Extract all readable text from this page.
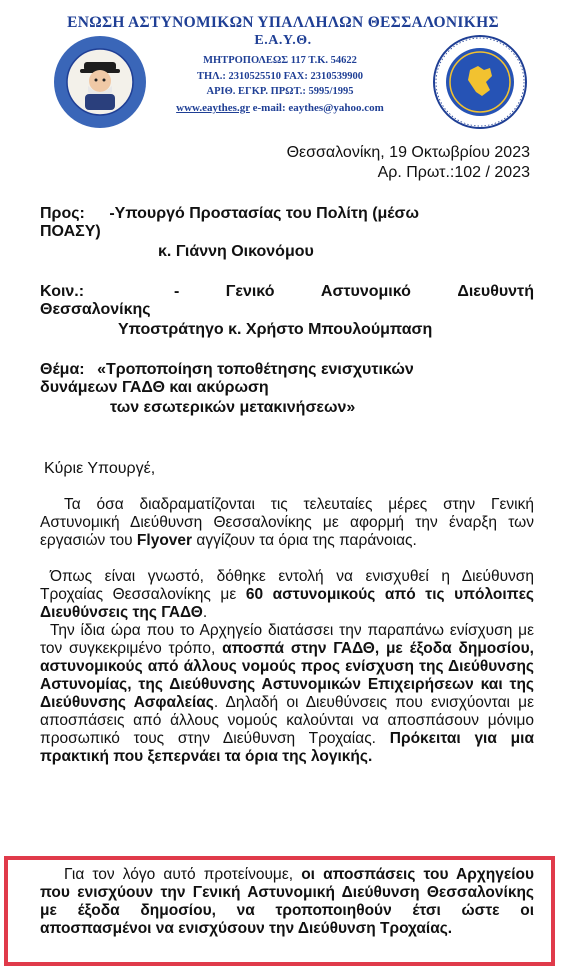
ΕΝΩΣΗ ΑΣΤΥΝΟΜΙΚΩΝ ΥΠΑΛΛΗΛΩΝ ΘΕΣΣΑΛΟΝΙΚΗΣ
Ε.Α.Υ.Θ.
ΜΗΤΡΟΠΟΛΕΩΣ 117 Τ.Κ. 54622
ΤΗΛ.: 2310525510 FAX: 2310539900
ΑΡΙΘ. ΕΓΚΡ. ΠΡΩΤ.: 5995/1995
www.eaythes.gr e-mail: eaythes@yahoo.com
Θεσσαλονίκη, 19 Οκτωβρίου 2023
Αρ. Πρωτ.:102 / 2023
Προς: -Υπουργό Προστασίας του Πολίτη (μέσω
ΠΟΑΣΥ)
κ. Γιάννη Οικονόμου
Κοιν.:	-	Γενικό	Αστυνομικό	Διευθυντή
Θεσσαλονίκης
Υποστράτηγο κ. Χρήστο Μπουλούμπαση
Θέμα: «Τροποποίηση τοποθέτησης ενισχυτικών
δυνάμεων ΓΑΔΘ και ακύρωση
των εσωτερικών μετακινήσεων»
Κύριε Υπουργέ,
Τα όσα διαδραματίζονται τις τελευταίες μέρες στην Γενική Αστυνομική Διεύθυνση Θεσσαλονίκης με αφορμή την έναρξη των εργασιών του Flyover αγγίζουν τα όρια της παράνοιας.
Όπως είναι γνωστό, δόθηκε εντολή να ενισχυθεί η Διεύθυνση Τροχαίας Θεσσαλονίκης με 60 αστυνομικούς από τις υπόλοιπες Διευθύνσεις της ΓΑΔΘ.
Την ίδια ώρα που το Αρχηγείο διατάσσει την παραπάνω ενίσχυση με τον συγκεκριμένο τρόπο, αποσπά στην ΓΑΔΘ, με έξοδα δημοσίου, αστυνομικούς από άλλους νομούς προς ενίσχυση της Διεύθυνσης Αστυνομίας, της Διεύθυνσης Αστυνομικών Επιχειρήσεων και της Διεύθυνσης Ασφαλείας. Δηλαδή οι Διευθύνσεις που ενισχύονται με αποσπάσεις από άλλους νομούς καλούνται να αποσπάσουν μόνιμο προσωπικό τους στην Διεύθυνση Τροχαίας. Πρόκειται για μια πρακτική που ξεπερνάει τα όρια της λογικής.
Για τον λόγο αυτό προτείνουμε, οι αποσπάσεις του Αρχηγείου που ενισχύουν την Γενική Αστυνομική Διεύθυνση Θεσσαλονίκης με έξοδα δημοσίου, να τροποποιηθούν έτσι ώστε οι αποσπασμένοι να ενισχύσουν την Διεύθυνση Τροχαίας.
